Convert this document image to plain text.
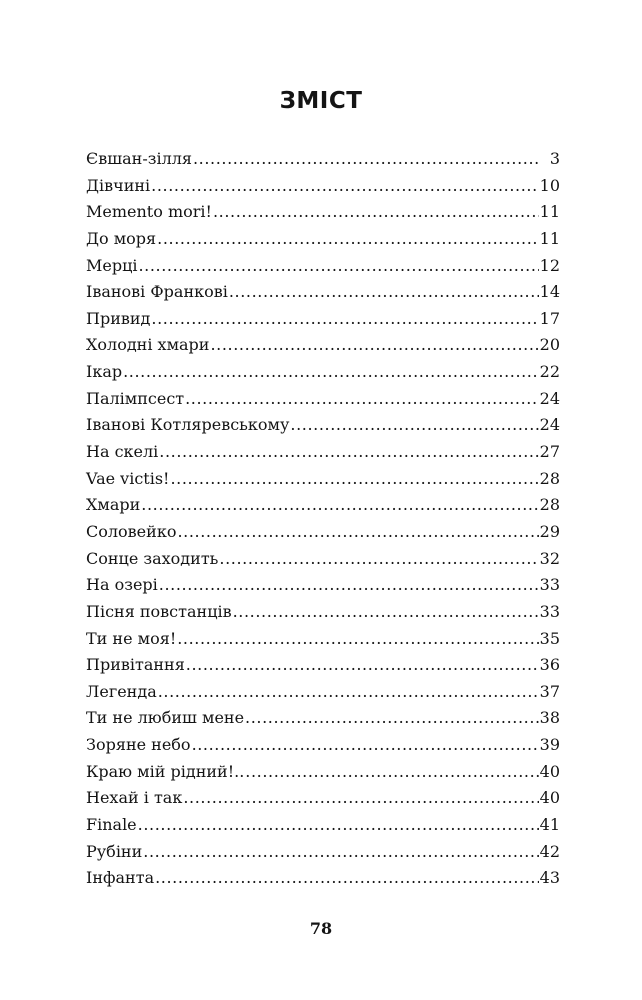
ЗМІСТ
Євшан-зілля .....	3
Дівчині .....	10
Memento mori! .....	11
До моря .....	11
Мерці .....	12
Іванові Франкові .....	14
Привид .....	17
Холодні хмари .....	20
Ікар .....	22
Палімпсест .....	24
Іванові Котляревському .....	24
На скелі .....	27
Vae victis! .....	28
Хмари .....	28
Соловейко .....	29
Сонце заходить .....	32
На озері .....	33
Пісня повстанців .....	33
Ти не моя! .....	35
Привітання .....	36
Легенда .....	37
Ти не любиш мене .....	38
Зоряне небо .....	39
Краю мій рідний!.. .....	40
Нехай і так .....	40
Finale .....	41
Рубіни .....	42
Інфанта .....	43
78
